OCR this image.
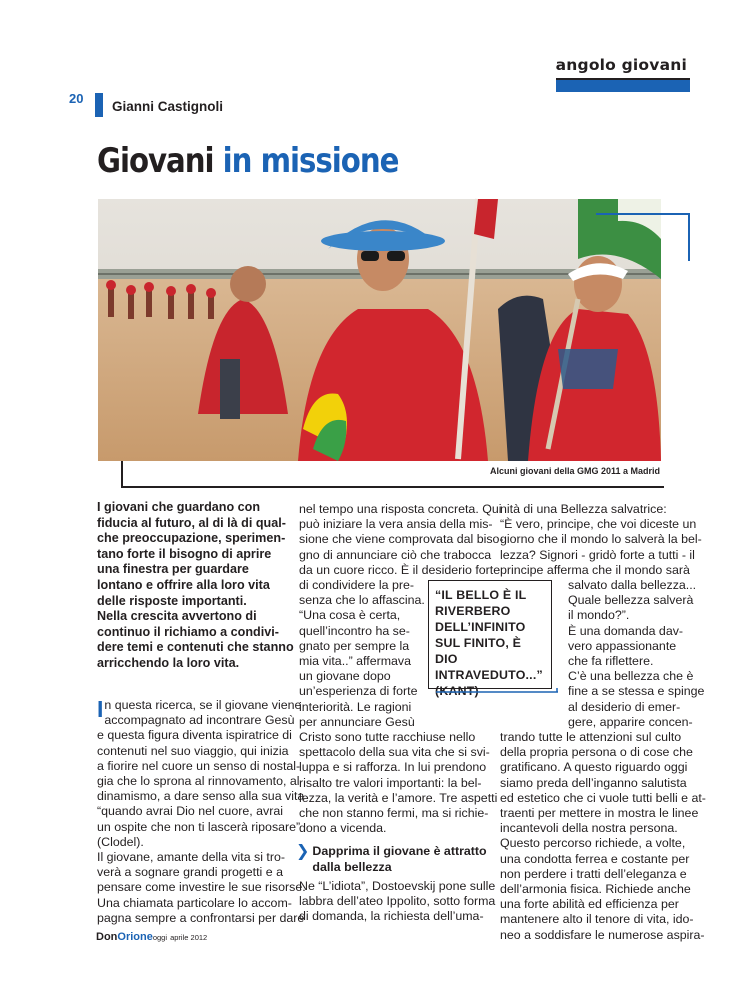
angolo giovani
20
Gianni Castignoli
Giovani in missione
Alcuni giovani della GMG 2011 a Madrid
I giovani che guardano con
fiducia al futuro, al di là di qual-
che preoccupazione, sperimen-
tano forte il bisogno di aprire
una finestra per guardare
lontano e offrire alla loro vita
delle risposte importanti.
Nella crescita avvertono di
continuo il richiamo a condivi-
dere temi e contenuti che stanno
arricchendo la loro vita.
I n questa ricerca, se il giovane viene
accompagnato ad incontrare Gesù
e questa figura diventa ispiratrice di
contenuti nel suo viaggio, qui inizia
a fiorire nel cuore un senso di nostal-
gia che lo sprona al rinnovamento, al
dinamismo, a dare senso alla sua vita
“quando avrai Dio nel cuore, avrai
un ospite che non ti lascerà riposare”
(Clodel).
Il giovane, amante della vita si tro-
verà a sognare grandi progetti e a
pensare come investire le sue risorse.
Una chiamata particolare lo accom-
pagna sempre a confrontarsi per dare
nel tempo una risposta concreta. Qui
può iniziare la vera ansia della mis-
sione che viene comprovata dal biso-
gno di annunciare ciò che trabocca
da un cuore ricco. È il desiderio forte
di condividere la pre-
senza che lo affascina.
“Una cosa è certa,
quell’incontro ha se-
gnato per sempre la
mia vita..” affermava
un giovane dopo
un’esperienza di forte
interiorità. Le ragioni
per annunciare Gesù
Cristo sono tutte racchiuse nello
spettacolo della sua vita che si svi-
luppa e si rafforza. In lui prendono
risalto tre valori importanti: la bel-
lezza, la verità e l’amore. Tre aspetti
che non stanno fermi, ma si richie-
dono a vicenda.
❯ Dapprima il giovane è attratto dalla bellezza
Ne “L’idiota”, Dostoevskij pone sulle
labbra dell’ateo Ippolito, sotto forma
di domanda, la richiesta dell’uma-
nità di una Bellezza salvatrice:
“È vero, principe, che voi diceste un
giorno che il mondo lo salverà la bel-
lezza? Signori - gridò forte a tutti - il
principe afferma che il mondo sarà
salvato dalla bellezza...
Quale bellezza salverà
il mondo?”.
È una domanda dav-
vero appassionante
che fa riflettere.
C’è una bellezza che è
fine a se stessa e spinge
al desiderio di emer-
gere, apparire concen-
trando tutte le attenzioni sul culto
della propria persona o di cose che
gratificano. A questo riguardo oggi
siamo preda dell’inganno salutista
ed estetico che ci vuole tutti belli e at-
traenti per mettere in mostra le linee
incantevoli della nostra persona.
Questo percorso richiede, a volte,
una condotta ferrea e costante per
non perdere i tratti dell’eleganza e
dell’armonia fisica. Richiede anche
una forte abilità ed efficienza per
mantenere alto il tenore di vita, ido-
neo a soddisfare le numerose aspira-
“IL BELLO È IL RIVERBERO DELL’INFINITO SUL FINITO, È DIO INTRAVEDUTO...” (KANT)
DonOrioneoggi aprile 2012
